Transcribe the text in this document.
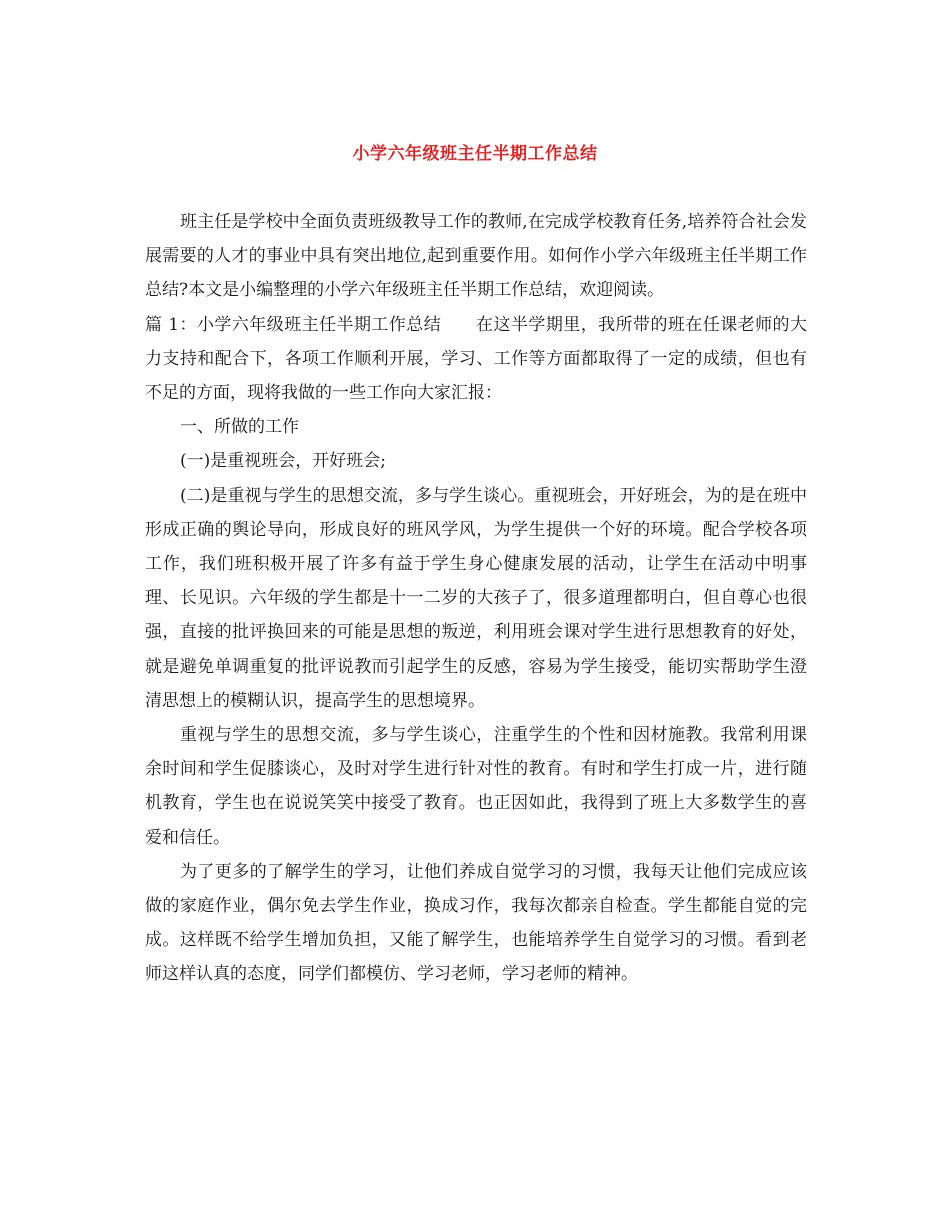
小学六年级班主任半期工作总结

班主任是学校中全面负责班级教导工作的教师,在完成学校教育任务,培养符合社会发展需要的人才的事业中具有突出地位,起到重要作用。如何作小学六年级班主任半期工作总结?本文是小编整理的小学六年级班主任半期工作总结，欢迎阅读。

篇 1：小学六年级班主任半期工作总结　　在这半学期里，我所带的班在任课老师的大力支持和配合下，各项工作顺利开展，学习、工作等方面都取得了一定的成绩，但也有不足的方面，现将我做的一些工作向大家汇报：

一、所做的工作

(一)是重视班会，开好班会;

(二)是重视与学生的思想交流，多与学生谈心。重视班会，开好班会，为的是在班中形成正确的舆论导向，形成良好的班风学风，为学生提供一个好的环境。配合学校各项工作，我们班积极开展了许多有益于学生身心健康发展的活动，让学生在活动中明事理、长见识。六年级的学生都是十一二岁的大孩子了，很多道理都明白，但自尊心也很强，直接的批评换回来的可能是思想的叛逆，利用班会课对学生进行思想教育的好处，就是避免单调重复的批评说教而引起学生的反感，容易为学生接受，能切实帮助学生澄清思想上的模糊认识，提高学生的思想境界。

重视与学生的思想交流，多与学生谈心，注重学生的个性和因材施教。我常利用课余时间和学生促膝谈心，及时对学生进行针对性的教育。有时和学生打成一片，进行随机教育，学生也在说说笑笑中接受了教育。也正因如此，我得到了班上大多数学生的喜爱和信任。

为了更多的了解学生的学习，让他们养成自觉学习的习惯，我每天让他们完成应该做的家庭作业，偶尔免去学生作业，换成习作，我每次都亲自检查。学生都能自觉的完成。这样既不给学生增加负担，又能了解学生，也能培养学生自觉学习的习惯。看到老师这样认真的态度，同学们都模仿、学习老师，学习老师的精神。
